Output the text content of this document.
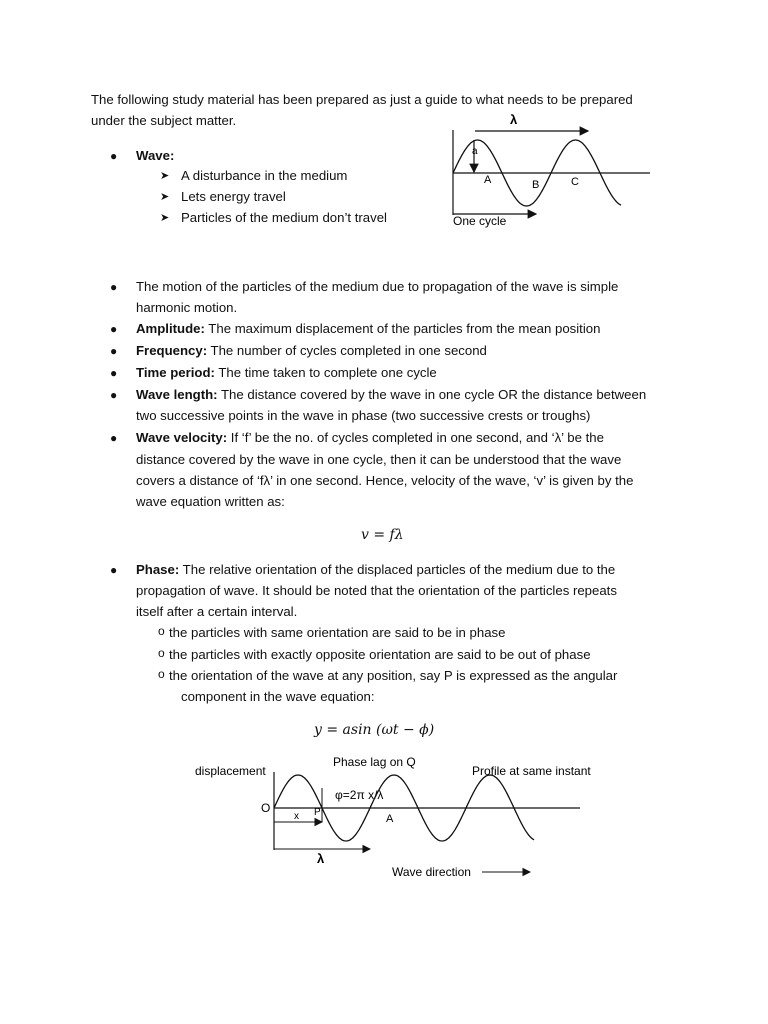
The following study material has been prepared as just a guide to what needs to be prepared
under the subject matter.
● Wave:
➤ A disturbance in the medium
➤ Lets energy travel
➤ Particles of the medium don’t travel
λ
a
A	B	C
One cycle
● The motion of the particles of the medium due to propagation of the wave is simple
harmonic motion.
● Amplitude: The maximum displacement of the particles from the mean position
● Frequency: The number of cycles completed in one second
● Time period: The time taken to complete one cycle
● Wave length: The distance covered by the wave in one cycle OR the distance between
two successive points in the wave in phase (two successive crests or troughs)
● Wave velocity: If ‘f’ be the no. of cycles completed in one second, and ‘λ’ be the
distance covered by the wave in one cycle, then it can be understood that the wave
covers a distance of ‘fλ’ in one second. Hence, velocity of the wave, ‘v’ is given by the
wave equation written as:
v = fλ
● Phase: The relative orientation of the displaced particles of the medium due to the
propagation of wave. It should be noted that the orientation of the particles repeats
itself after a certain interval.
o the particles with same orientation are said to be in phase
o the particles with exactly opposite orientation are said to be out of phase
o the orientation of the wave at any position, say P is expressed as the angular
component in the wave equation:
y = asin (ωt − ϕ)
displacement
Phase lag on Q
Profile at same instant
O
φ=2π x/λ
x P
A
λ
Wave direction
